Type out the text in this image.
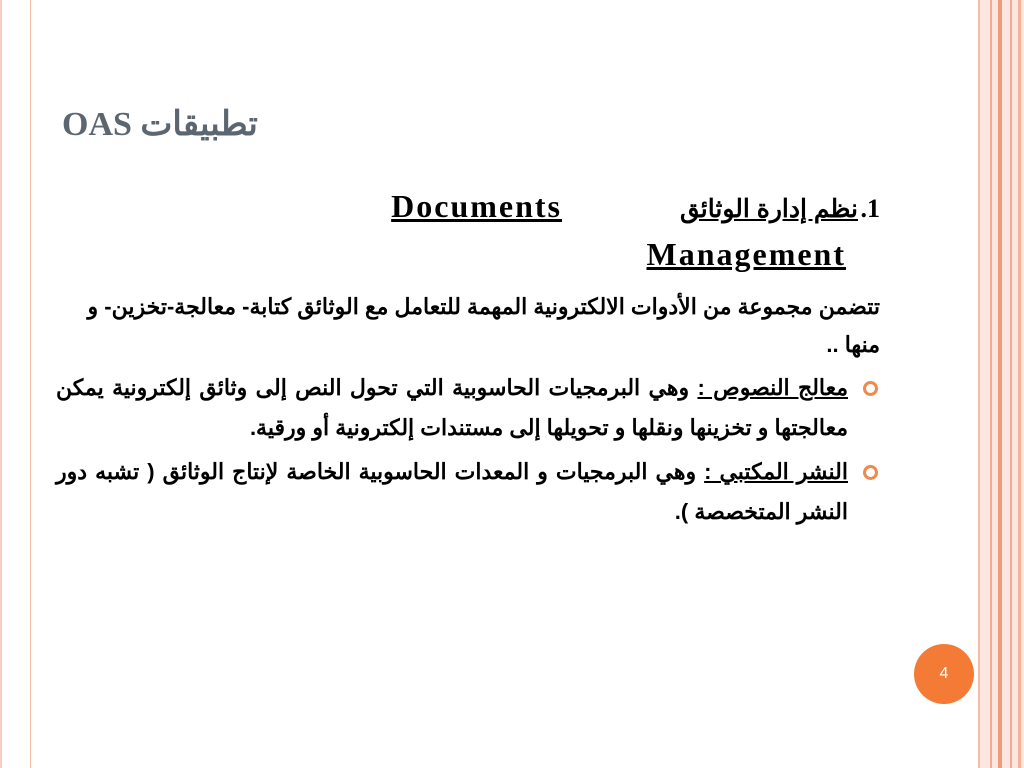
تطبيقات OAS
1.
نظم إدارة الوثائق
Documents
Management
تتضمن مجموعة من الأدوات الالكترونية المهمة للتعامل مع الوثائق كتابة- معالجة-تخزين- و منها ..
معالج النصوص : وهي البرمجيات الحاسوبية التي تحول النص إلى وثائق إلكترونية يمكن معالجتها و تخزينها ونقلها و تحويلها إلى مستندات إلكترونية أو ورقية.
النشر المكتبي : وهي البرمجيات و المعدات الحاسوبية الخاصة لإنتاج الوثائق ( تشبه دور النشر المتخصصة ).
4
